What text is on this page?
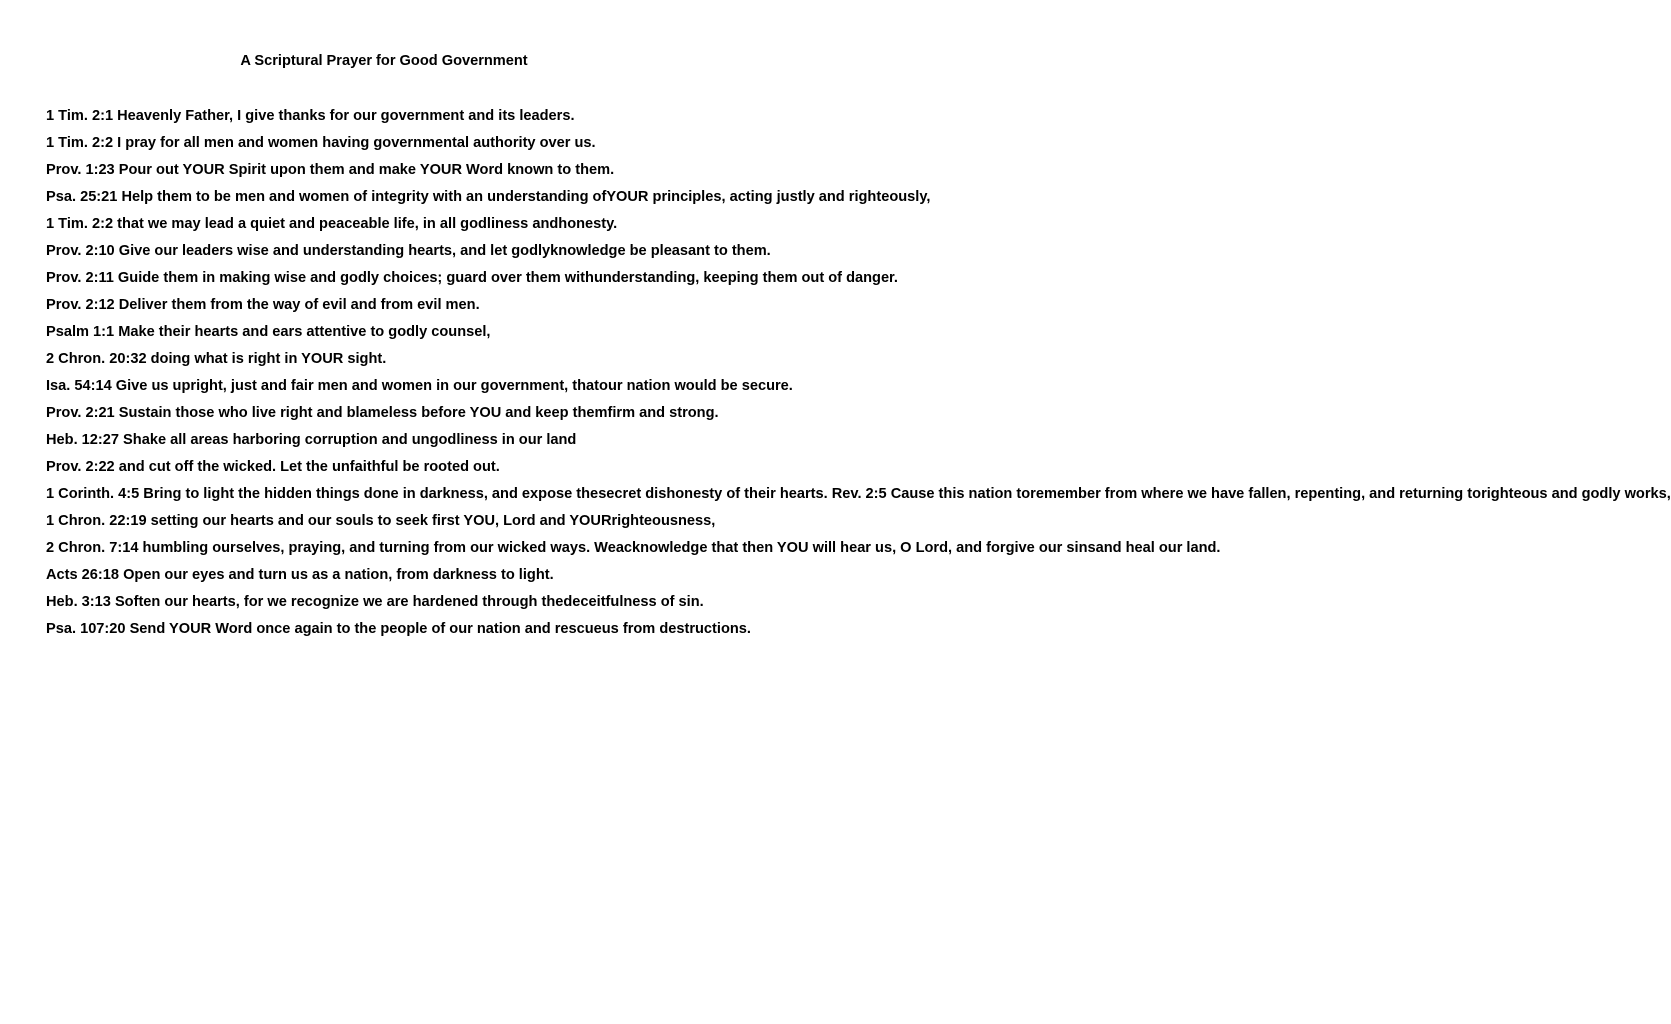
A Scriptural Prayer for Good Government
1 Tim. 2:1 Heavenly Father, I give thanks for our government and its leaders.
1 Tim. 2:2 I pray for all men and women having governmental authority over us.
Prov. 1:23 Pour out YOUR Spirit upon them and make YOUR Word known to them.
Psa. 25:21 Help them to be men and women of integrity with an understanding ofYOUR principles, acting justly and righteously,
1 Tim. 2:2 that we may lead a quiet and peaceable life, in all godliness andhonesty.
Prov. 2:10 Give our leaders wise and understanding hearts, and let godlyknowledge be pleasant to them.
Prov. 2:11 Guide them in making wise and godly choices; guard over them withunderstanding, keeping them out of danger.
Prov. 2:12 Deliver them from the way of evil and from evil men.
Psalm 1:1 Make their hearts and ears attentive to godly counsel,
2 Chron. 20:32 doing what is right in YOUR sight.
Isa. 54:14 Give us upright, just and fair men and women in our government, thatour nation would be secure.
Prov. 2:21 Sustain those who live right and blameless before YOU and keep themfirm and strong.
Heb. 12:27 Shake all areas harboring corruption and ungodliness in our land
Prov. 2:22 and cut off the wicked. Let the unfaithful be rooted out.
1 Corinth. 4:5 Bring to light the hidden things done in darkness, and expose thesecret dishonesty of their hearts. Rev. 2:5 Cause this nation toremember from where we have fallen, repenting, and returning torighteous and godly works,
1 Chron. 22:19 setting our hearts and our souls to seek first YOU, Lord and YOURrighteousness,
2 Chron. 7:14 humbling ourselves, praying, and turning from our wicked ways. Weacknowledge that then YOU will hear us, O Lord, and forgive our sinsand heal our land.
Acts 26:18 Open our eyes and turn us as a nation, from darkness to light.
Heb. 3:13 Soften our hearts, for we recognize we are hardened through thedeceitfulness of sin.
Psa. 107:20 Send YOUR Word once again to the people of our nation and rescueus from destructions.
